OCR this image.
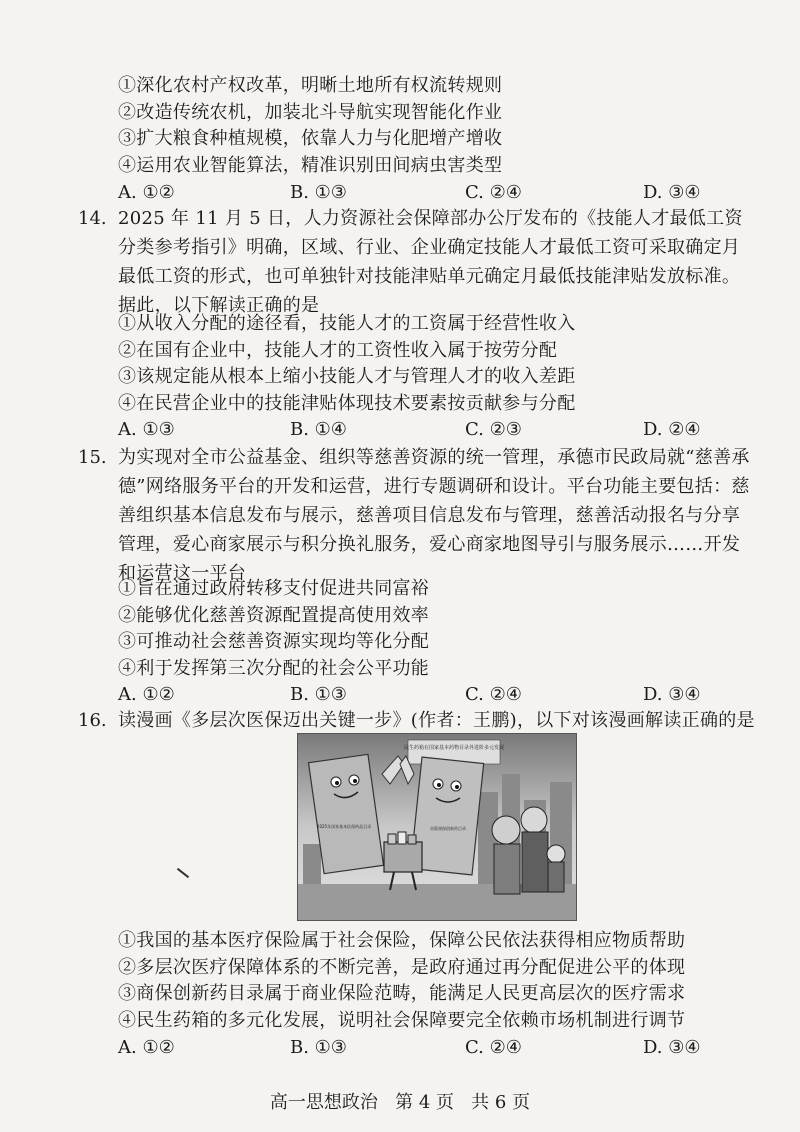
①深化农村产权改革，明晰土地所有权流转规则
②改造传统农机，加装北斗导航实现智能化作业
③扩大粮食种植规模，依靠人力与化肥增产增收
④运用农业智能算法，精准识别田间病虫害类型
A. ①②	B. ①③	C. ②④	D. ③④
14. 2025 年 11 月 5 日，人力资源社会保障部办公厅发布的《技能人才最低工资分类参考指引》明确，区域、行业、企业确定技能人才最低工资可采取确定月最低工资的形式，也可单独针对技能津贴单元确定月最低技能津贴发放标准。据此，以下解读正确的是
①从收入分配的途径看，技能人才的工资属于经营性收入
②在国有企业中，技能人才的工资性收入属于按劳分配
③该规定能从根本上缩小技能人才与管理人才的收入差距
④在民营企业中的技能津贴体现技术要素按贡献参与分配
A. ①③	B. ①④	C. ②③	D. ②④
15. 为实现对全市公益基金、组织等慈善资源的统一管理，承德市民政局就“慈善承德”网络服务平台的开发和运营，进行专题调研和设计。平台功能主要包括：慈善组织基本信息发布与展示，慈善项目信息发布与管理，慈善活动报名与分享管理，爱心商家展示与积分换礼服务，爱心商家地图导引与服务展示……开发和运营这一平台
①旨在通过政府转移支付促进共同富裕
②能够优化慈善资源配置提高使用效率
③可推动社会慈善资源实现均等化分配
④利于发挥第三次分配的社会公平功能
A. ①②	B. ①③	C. ②④	D. ③④
16. 读漫画《多层次医保迈出关键一步》(作者：王鹏)，以下对该漫画解读正确的是
民生药箱在国家基本药物目录外进阶多元发展
2025年国家基本医保药品目录	首版商保创新药目录
①我国的基本医疗保险属于社会保险，保障公民依法获得相应物质帮助
②多层次医疗保障体系的不断完善，是政府通过再分配促进公平的体现
③商保创新药目录属于商业保险范畴，能满足人民更高层次的医疗需求
④民生药箱的多元化发展，说明社会保障要完全依赖市场机制进行调节
A. ①②	B. ①③	C. ②④	D. ③④
高一思想政治 第 4 页 共 6 页
